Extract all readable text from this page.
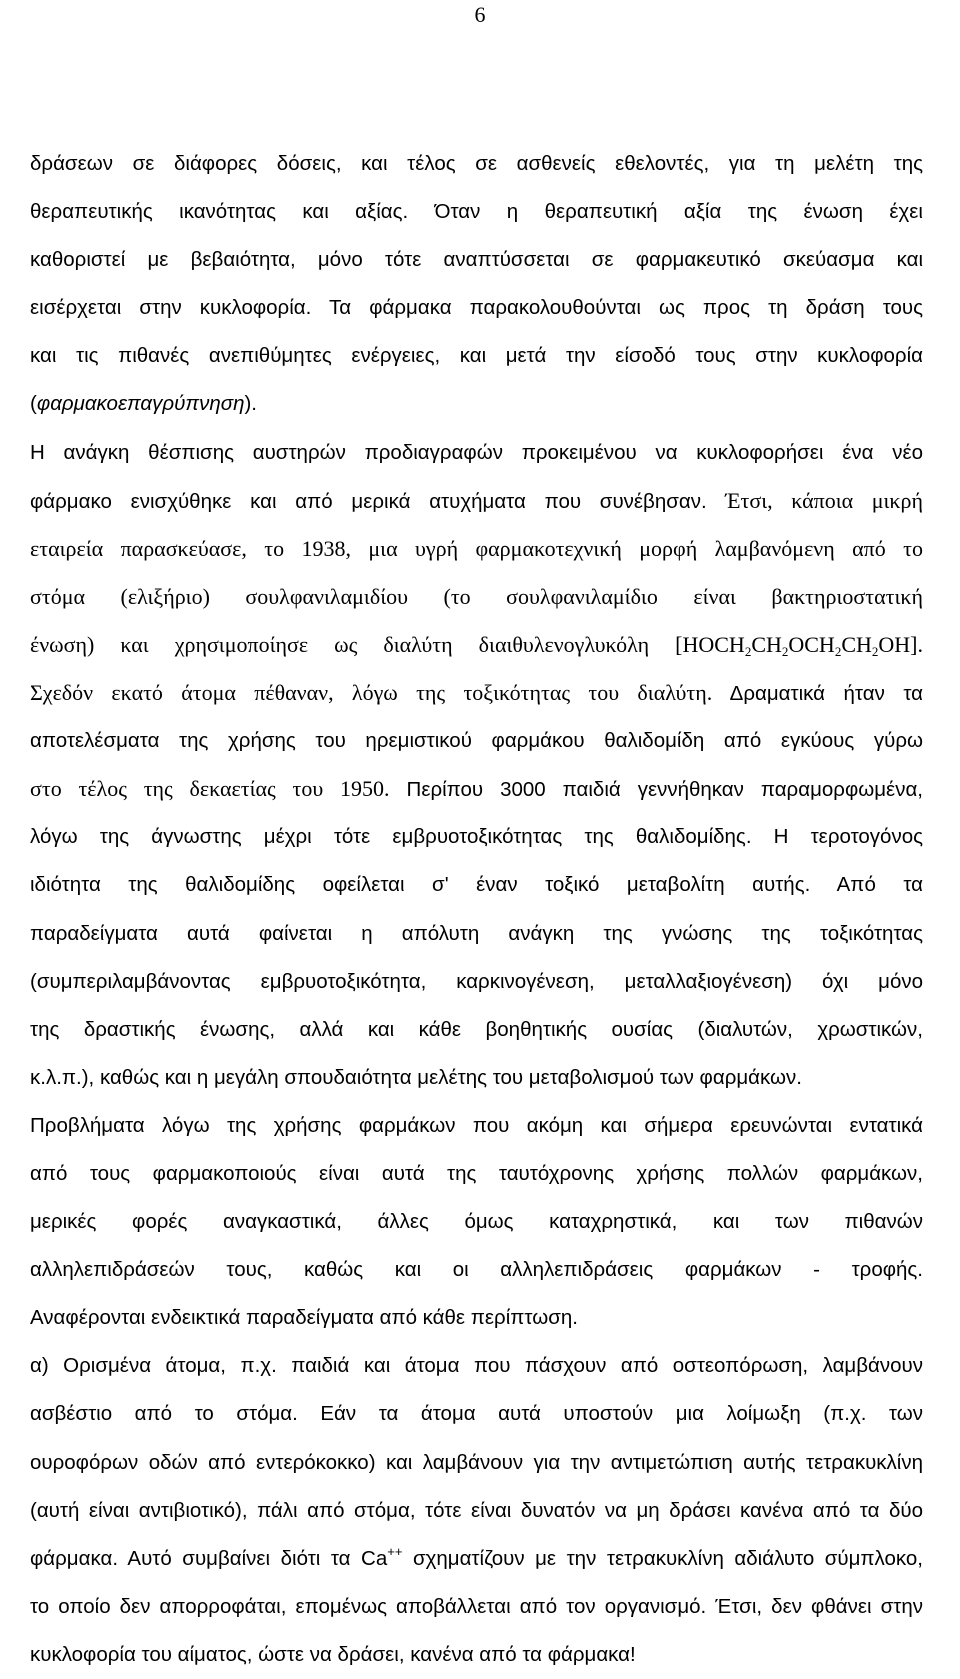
6
δράσεων σε διάφορες δόσεις, και τέλος σε ασθενείς εθελοντές, για τη μελέτη της
θεραπευτικής ικανότητας και αξίας. Όταν η θεραπευτική αξία της ένωση έχει
καθοριστεί με βεβαιότητα, μόνο τότε αναπτύσσεται σε φαρμακευτικό σκεύασμα και
εισέρχεται στην κυκλοφορία. Τα φάρμακα παρακολουθούνται ως προς τη δράση τους
και τις πιθανές ανεπιθύμητες ενέργειες, και μετά την είσοδό τους στην κυκλοφορία
(φαρμακοεπαγρύπνηση).
Η ανάγκη θέσπισης αυστηρών προδιαγραφών προκειμένου να κυκλοφορήσει ένα νέο
φάρμακο ενισχύθηκε και από μερικά ατυχήματα που συνέβησαν. Έτσι, κάποια μικρή
εταιρεία παρασκεύασε, το 1938, μια υγρή φαρμακοτεχνική μορφή λαμβανόμενη από το
στόμα (ελιξήριο) σουλφανιλαμιδίου (το σουλφανιλαμίδιο είναι βακτηριοστατική
ένωση) και χρησιμοποίησε ως διαλύτη διαιθυλενογλυκόλη $[HOCH_2CH_2OCH_2CH_2OH]$.
Σχεδόν εκατό άτομα πέθαναν, λόγω της τοξικότητας του διαλύτη. Δραματικά ήταν τα
αποτελέσματα της χρήσης του ηρεμιστικού φαρμάκου θαλιδομίδη από εγκύους γύρω
στο τέλος της δεκαετίας του 1950. Περίπου 3000 παιδιά γεννήθηκαν παραμορφωμένα,
λόγω της άγνωστης μέχρι τότε εμβρυοτοξικότητας της θαλιδομίδης. Η τεροτογόνος
ιδιότητα της θαλιδομίδης οφείλεται σ' έναν τοξικό μεταβολίτη αυτής. Από τα
παραδείγματα αυτά φαίνεται η απόλυτη ανάγκη της γνώσης της τοξικότητας
(συμπεριλαμβάνοντας εμβρυοτοξικότητα, καρκινογένεση, μεταλλαξιογένεση) όχι μόνο
της δραστικής ένωσης, αλλά και κάθε βοηθητικής ουσίας (διαλυτών, χρωστικών,
κ.λ.π.), καθώς και η μεγάλη σπουδαιότητα μελέτης του μεταβολισμού των φαρμάκων.
Προβλήματα λόγω της χρήσης φαρμάκων που ακόμη και σήμερα ερευνώνται εντατικά
από τους φαρμακοποιούς είναι αυτά της ταυτόχρονης χρήσης πολλών φαρμάκων,
μερικές φορές αναγκαστικά, άλλες όμως καταχρηστικά, και των πιθανών
αλληλεπιδράσεών τους, καθώς και οι αλληλεπιδράσεις φαρμάκων - τροφής.
Αναφέρονται ενδεικτικά παραδείγματα από κάθε περίπτωση.
α) Ορισμένα άτομα, π.χ. παιδιά και άτομα που πάσχουν από οστεοπόρωση, λαμβάνουν
ασβέστιο από το στόμα. Εάν τα άτομα αυτά υποστούν μια λοίμωξη (π.χ. των
ουροφόρων οδών από εντερόκοκκο) και λαμβάνουν για την αντιμετώπιση αυτής τετρακυκλίνη
(αυτή είναι αντιβιοτικό), πάλι από στόμα, τότε είναι δυνατόν να μη δράσει κανένα από τα δύο
φάρμακα. Αυτό συμβαίνει διότι τα Ca++ σχηματίζουν με την τετρακυκλίνη αδιάλυτο σύμπλοκο,
το οποίο δεν απορροφάται, επομένως αποβάλλεται από τον οργανισμό. Έτσι, δεν φθάνει στην
κυκλοφορία του αίματος, ώστε να δράσει, κανένα από τα φάρμακα!
